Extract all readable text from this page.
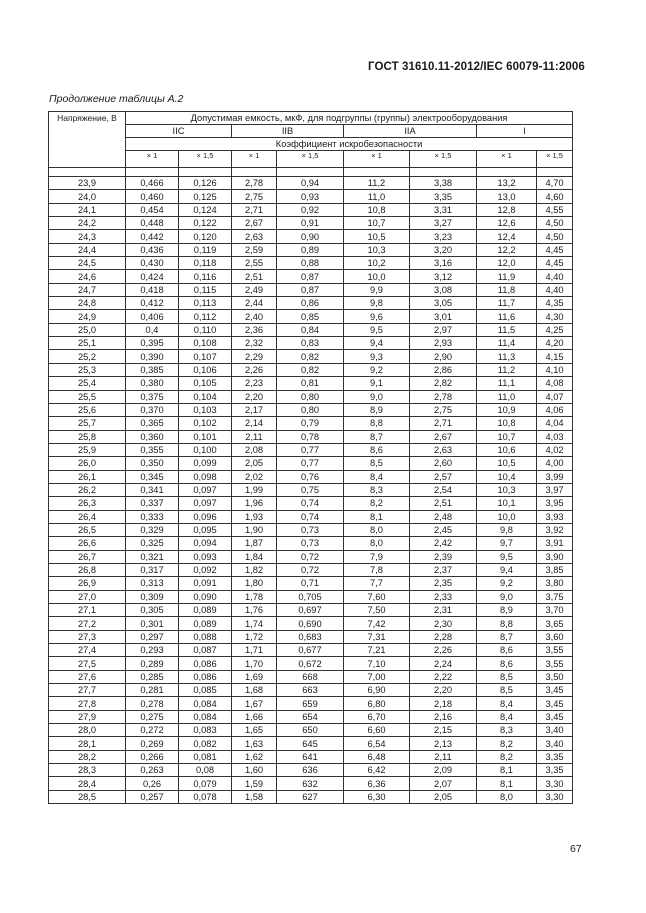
ГОСТ 31610.11-2012/IEC 60079-11:2006
Продолжение таблицы А.2
Напряжение, В	Допустимая емкость, мкФ, для подгруппы (группы) электрооборудования							
	IIC		IIB		IIA		I	
	Коэффициент искробезопасности							
	× 1	× 1,5	× 1	× 1,5	× 1	× 1,5	× 1	× 1,5

23,9	0,466	0,126	2,78	0,94	11,2	3,38	13,2	4,70
24,0	0,460	0,125	2,75	0,93	11,0	3,35	13,0	4,60
24,1	0,454	0,124	2,71	0,92	10,8	3,31	12,8	4,55
24,2	0,448	0,122	2,67	0,91	10,7	3,27	12,6	4,50
24,3	0,442	0,120	2,63	0,90	10,5	3,23	12,4	4,50
24,4	0,436	0,119	2,59	0,89	10,3	3,20	12,2	4,45
24,5	0,430	0,118	2,55	0,88	10,2	3,16	12,0	4,45
24,6	0,424	0,116	2,51	0,87	10,0	3,12	11,9	4,40
24,7	0,418	0,115	2,49	0,87	9,9	3,08	11,8	4,40
24,8	0,412	0,113	2,44	0,86	9,8	3,05	11,7	4,35
24,9	0,406	0,112	2,40	0,85	9,6	3,01	11,6	4,30
25,0	0,4	0,110	2,36	0,84	9,5	2,97	11,5	4,25
25,1	0,395	0,108	2,32	0,83	9,4	2,93	11,4	4,20
25,2	0,390	0,107	2,29	0,82	9,3	2,90	11,3	4,15
25,3	0,385	0,106	2,26	0,82	9,2	2,86	11,2	4,10
25,4	0,380	0,105	2,23	0,81	9,1	2,82	11,1	4,08
25,5	0,375	0,104	2,20	0,80	9,0	2,78	11,0	4,07
25,6	0,370	0,103	2,17	0,80	8,9	2,75	10,9	4,06
25,7	0,365	0,102	2,14	0,79	8,8	2,71	10,8	4,04
25,8	0,360	0,101	2,11	0,78	8,7	2,67	10,7	4,03
25,9	0,355	0,100	2,08	0,77	8,6	2,63	10,6	4,02
26,0	0,350	0,099	2,05	0,77	8,5	2,60	10,5	4,00
26,1	0,345	0,098	2,02	0,76	8,4	2,57	10,4	3,99
26,2	0,341	0,097	1,99	0,75	8,3	2,54	10,3	3,97
26,3	0,337	0,097	1,96	0,74	8,2	2,51	10,1	3,95
26,4	0,333	0,096	1,93	0,74	8,1	2,48	10,0	3,93
26,5	0,329	0,095	1,90	0,73	8,0	2,45	9,8	3,92
26,6	0,325	0,094	1,87	0,73	8,0	2,42	9,7	3,91
26,7	0,321	0,093	1,84	0,72	7,9	2,39	9,5	3,90
26,8	0,317	0,092	1,82	0,72	7,8	2,37	9,4	3,85
26,9	0,313	0,091	1,80	0,71	7,7	2,35	9,2	3,80
27,0	0,309	0,090	1,78	0,705	7,60	2,33	9,0	3,75
27,1	0,305	0,089	1,76	0,697	7,50	2,31	8,9	3,70
27,2	0,301	0,089	1,74	0,690	7,42	2,30	8,8	3,65
27,3	0,297	0,088	1,72	0,683	7,31	2,28	8,7	3,60
27,4	0,293	0,087	1,71	0,677	7,21	2,26	8,6	3,55
27,5	0,289	0,086	1,70	0,672	7,10	2,24	8,6	3,55
27,6	0,285	0,086	1,69	668	7,00	2,22	8,5	3,50
27,7	0,281	0,085	1,68	663	6,90	2,20	8,5	3,45
27,8	0,278	0,084	1,67	659	6,80	2,18	8,4	3,45
27,9	0,275	0,084	1,66	654	6,70	2,16	8,4	3,45
28,0	0,272	0,083	1,65	650	6,60	2,15	8,3	3,40
28,1	0,269	0,082	1,63	645	6,54	2,13	8,2	3,40
28,2	0,266	0,081	1,62	641	6,48	2,11	8,2	3,35
28,3	0,263	0,08	1,60	636	6,42	2,09	8,1	3,35
28,4	0,26	0,079	1,59	632	6,36	2,07	8,1	3,30
28,5	0,257	0,078	1,58	627	6,30	2,05	8,0	3,30
67
